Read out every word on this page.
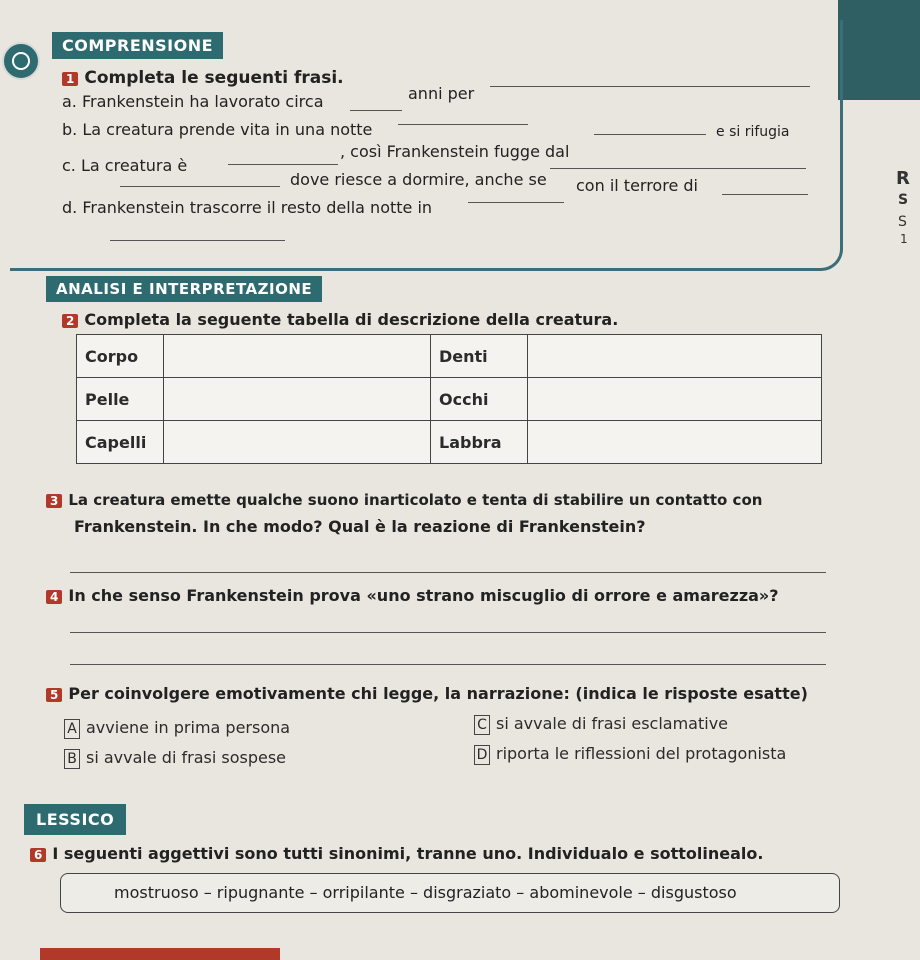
COMPRENSIONE
1 Completa le seguenti frasi.
a. Frankenstein ha lavorato circa	anni per
b. La creatura prende vita in una notte
c. La creatura è
, così Frankenstein fugge dal
e si rifugia
dove riesce a dormire, anche se
d. Frankenstein trascorre il resto della notte in
con il terrore di	R
S
S
1
ANALISI E INTERPRETAZIONE
2 Completa la seguente tabella di descrizione della creatura.
Corpo		Denti	
Pelle		Occhi	
Capelli		Labbra	
3 La creatura emette qualche suono inarticolato e tenta di stabilire un contatto con
Frankenstein. In che modo? Qual è la reazione di Frankenstein?
4 In che senso Frankenstein prova «uno strano miscuglio di orrore e amarezza»?
5 Per coinvolgere emotivamente chi legge, la narrazione: (indica le risposte esatte)
A avviene in prima persona
B si avvale di frasi sospese
C si avvale di frasi esclamative
D riporta le riflessioni del protagonista
LESSICO
6 I seguenti aggettivi sono tutti sinonimi, tranne uno. Individualo e sottolinealo.
mostruoso – ripugnante – orripilante – disgraziato – abominevole – disgustoso
